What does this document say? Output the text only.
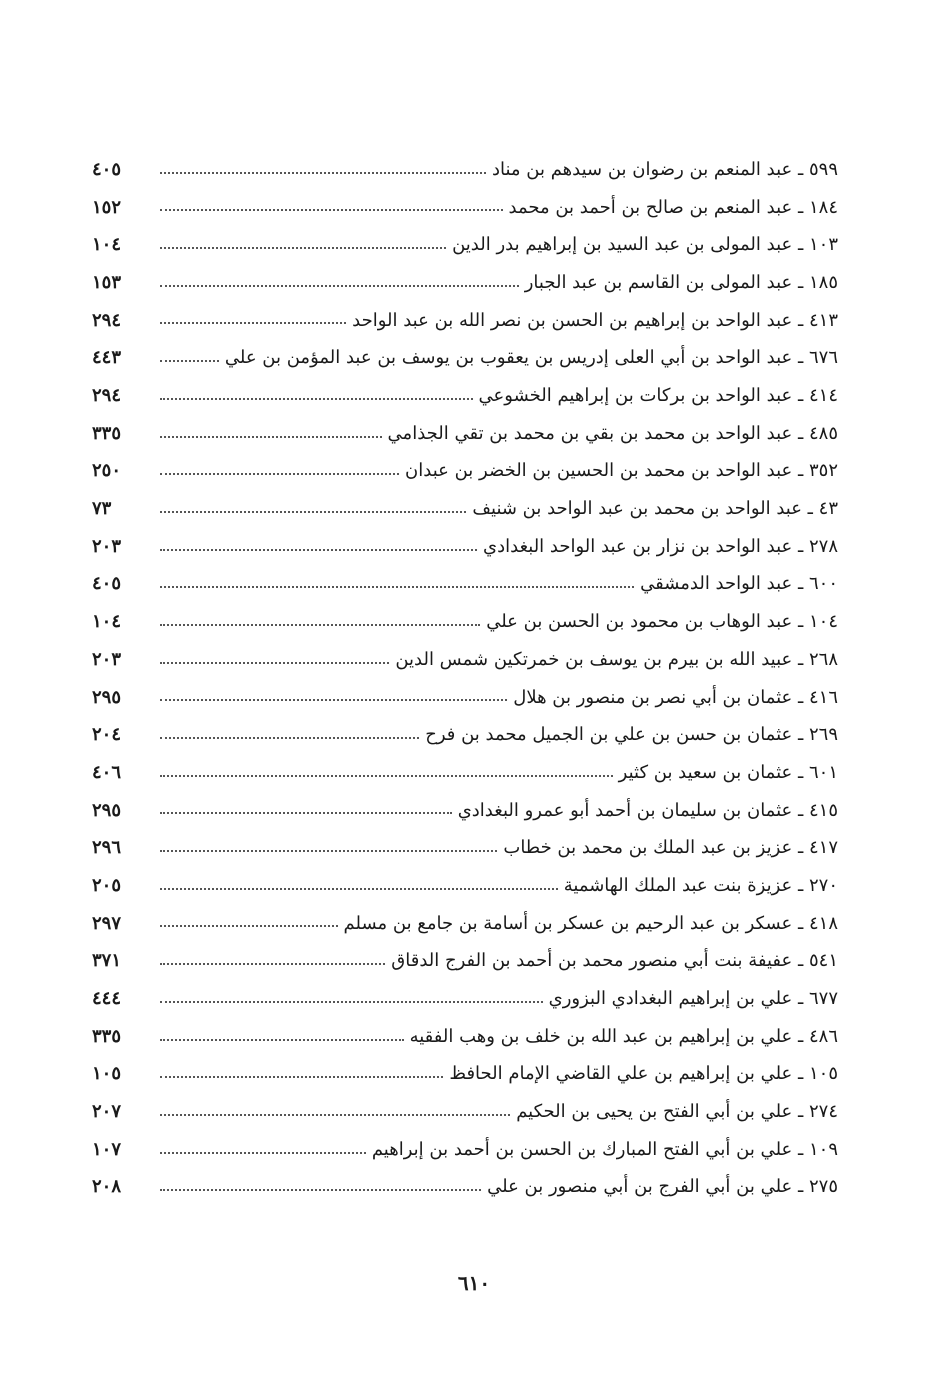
٥٩٩ ـ عبد المنعم بن رضوان بن سيدهم بن مناد
٤٠٥
١٨٤ ـ عبد المنعم بن صالح بن أحمد بن محمد
١٥٢
١٠٣ ـ عبد المولى بن عبد السيد بن إبراهيم بدر الدين
١٠٤
١٨٥ ـ عبد المولى بن القاسم بن عبد الجبار
١٥٣
٤١٣ ـ عبد الواحد بن إبراهيم بن الحسن بن نصر الله بن عبد الواحد
٢٩٤
٦٧٦ ـ عبد الواحد بن أبي العلى إدريس بن يعقوب بن يوسف بن عبد المؤمن بن علي
٤٤٣
٤١٤ ـ عبد الواحد بن بركات بن إبراهيم الخشوعي
٢٩٤
٤٨٥ ـ عبد الواحد بن محمد بن بقي بن محمد بن تقي الجذامي
٣٣٥
٣٥٢ ـ عبد الواحد بن محمد بن الحسين بن الخضر بن عبدان
٢٥٠
٤٣ ـ عبد الواحد بن محمد بن عبد الواحد بن شنيف
٧٣
٢٧٨ ـ عبد الواحد بن نزار بن عبد الواحد البغدادي
٢٠٣
٦٠٠ ـ عبد الواحد الدمشقي
٤٠٥
١٠٤ ـ عبد الوهاب بن محمود بن الحسن بن علي
١٠٤
٢٦٨ ـ عبيد الله بن بيرم بن يوسف بن خمرتكين شمس الدين
٢٠٣
٤١٦ ـ عثمان بن أبي نصر بن منصور بن هلال
٢٩٥
٢٦٩ ـ عثمان بن حسن بن علي بن الجميل محمد بن فرح
٢٠٤
٦٠١ ـ عثمان بن سعيد بن كثير
٤٠٦
٤١٥ ـ عثمان بن سليمان بن أحمد أبو عمرو البغدادي
٢٩٥
٤١٧ ـ عزيز بن عبد الملك بن محمد بن خطاب
٢٩٦
٢٧٠ ـ عزيزة بنت عبد الملك الهاشمية
٢٠٥
٤١٨ ـ عسكر بن عبد الرحيم بن عسكر بن أسامة بن جامع بن مسلم
٢٩٧
٥٤١ ـ عفيفة بنت أبي منصور محمد بن أحمد بن الفرج الدقاق
٣٧١
٦٧٧ ـ علي بن إبراهيم البغدادي البزوري
٤٤٤
٤٨٦ ـ علي بن إبراهيم بن عبد الله بن خلف بن وهب الفقيه
٣٣٥
١٠٥ ـ علي بن إبراهيم بن علي القاضي الإمام الحافظ
١٠٥
٢٧٤ ـ علي بن أبي الفتح بن يحيى بن الحكيم
٢٠٧
١٠٩ ـ علي بن أبي الفتح المبارك بن الحسن بن أحمد بن إبراهيم
١٠٧
٢٧٥ ـ علي بن أبي الفرج بن أبي منصور بن علي
٢٠٨
٦١٠
